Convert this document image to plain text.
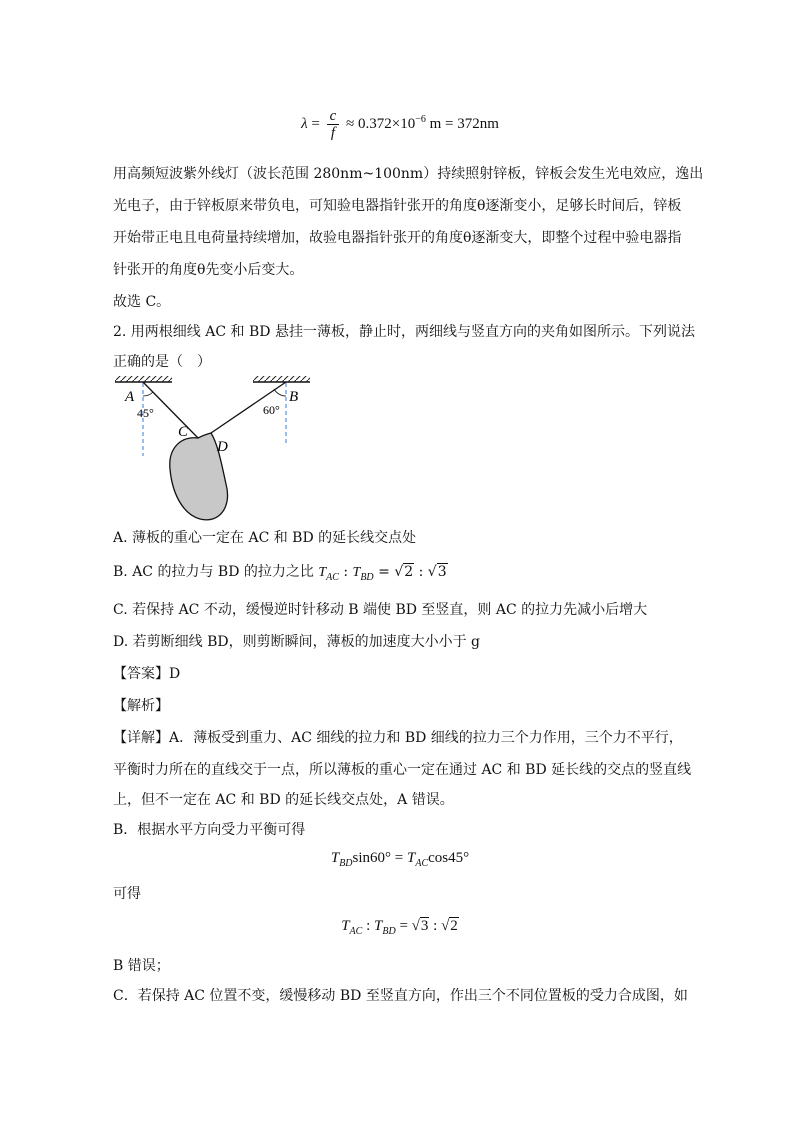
$\lambda = \frac{c}{f} \approx 0.372\times 10^{-6}$ m = 372nm
用高频短波紫外线灯（波长范围 280nm~100nm）持续照射锌板，锌板会发生光电效应，逸出
光电子，由于锌板原来带负电，可知验电器指针张开的角度θ逐渐变小，足够长时间后，锌板
开始带正电且电荷量持续增加，故验电器指针张开的角度θ逐渐变大，即整个过程中验电器指
针张开的角度θ先变小后变大。
故选 C。
2. 用两根细线 AC 和 BD 悬挂一薄板，静止时，两细线与竖直方向的夹角如图所示。下列说法
正确的是（　）
A	B
C
D
45°	60°
A. 薄板的重心一定在 AC 和 BD 的延长线交点处
B. AC 的拉力与 BD 的拉力之比 $T_{AC}$ : $T_{BD} = √2$ : √3
C. 若保持 AC 不动，缓慢逆时针移动 B 端使 BD 至竖直，则 AC 的拉力先减小后增大
D. 若剪断细线 BD，则剪断瞬间，薄板的加速度大小小于 g
【答案】D
【解析】
【详解】A．薄板受到重力、AC 细线的拉力和 BD 细线的拉力三个力作用，三个力不平行，
平衡时力所在的直线交于一点，所以薄板的重心一定在通过 AC 和 BD 延长线的交点的竖直线
上，但不一定在 AC 和 BD 的延长线交点处，A 错误。
B．根据水平方向受力平衡可得
$T_{BD}\sin 60^\circ = T_{AC}\cos 45^\circ$
可得
$T_{AC}$ : $T_{BD} = √3$ : √2
B 错误；
C．若保持 AC 位置不变，缓慢移动 BD 至竖直方向，作出三个不同位置板的受力合成图，如
